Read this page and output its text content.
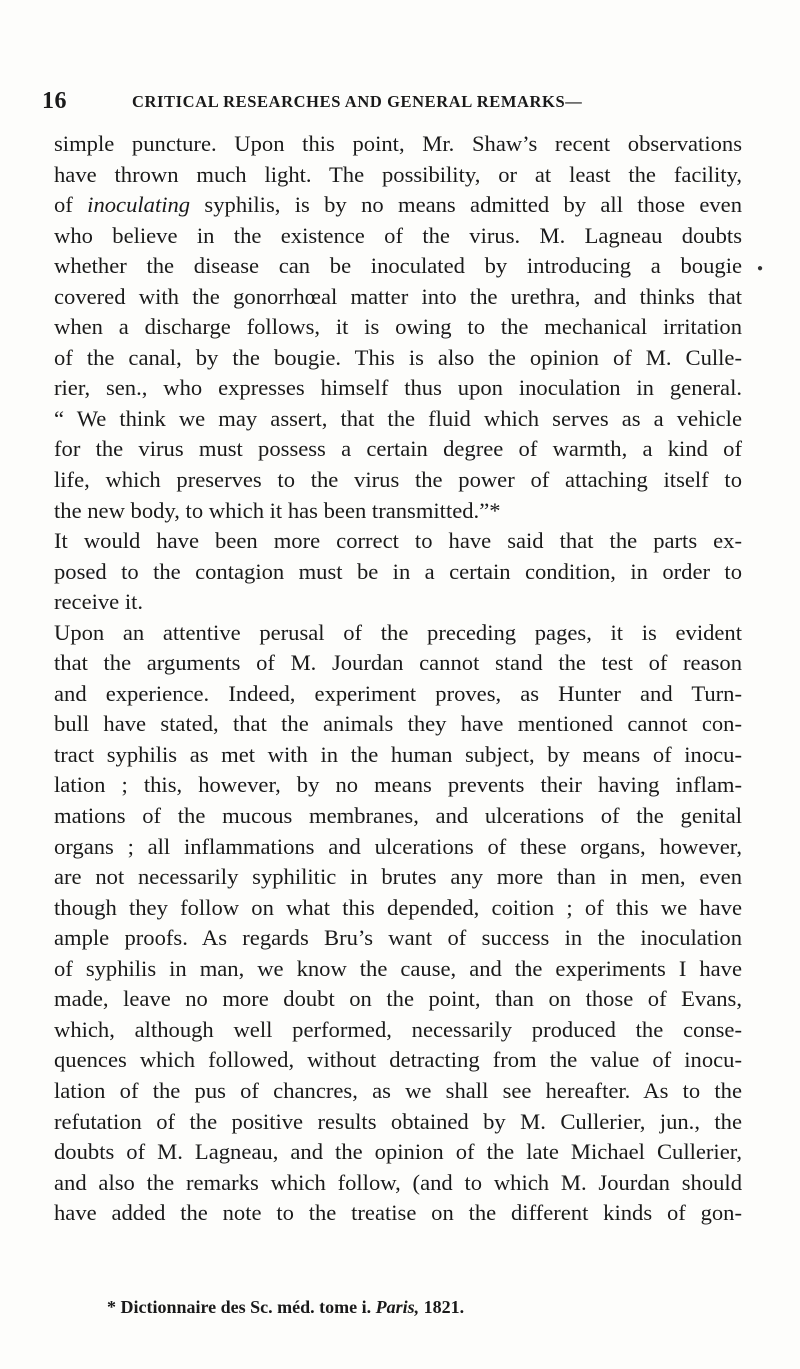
16	CRITICAL RESEARCHES AND GENERAL REMARKS—
simple puncture. Upon this point, Mr. Shaw’s recent observations
have thrown much light. The possibility, or at least the facility,
of inoculating syphilis, is by no means admitted by all those even
who believe in the existence of the virus. M. Lagneau doubts
whether the disease can be inoculated by introducing a bougie
covered with the gonorrhœal matter into the urethra, and thinks that
when a discharge follows, it is owing to the mechanical irritation
of the canal, by the bougie. This is also the opinion of M. Culle-
rier, sen., who expresses himself thus upon inoculation in general.
“ We think we may assert, that the fluid which serves as a vehicle
for the virus must possess a certain degree of warmth, a kind of
life, which preserves to the virus the power of attaching itself to
the new body, to which it has been transmitted.”*
It would have been more correct to have said that the parts ex-
posed to the contagion must be in a certain condition, in order to
receive it.
Upon an attentive perusal of the preceding pages, it is evident
that the arguments of M. Jourdan cannot stand the test of reason
and experience. Indeed, experiment proves, as Hunter and Turn-
bull have stated, that the animals they have mentioned cannot con-
tract syphilis as met with in the human subject, by means of inocu-
lation ; this, however, by no means prevents their having inflam-
mations of the mucous membranes, and ulcerations of the genital
organs ; all inflammations and ulcerations of these organs, however,
are not necessarily syphilitic in brutes any more than in men, even
though they follow on what this depended, coition ; of this we have
ample proofs. As regards Bru’s want of success in the inoculation
of syphilis in man, we know the cause, and the experiments I have
made, leave no more doubt on the point, than on those of Evans,
which, although well performed, necessarily produced the conse-
quences which followed, without detracting from the value of inocu-
lation of the pus of chancres, as we shall see hereafter. As to the
refutation of the positive results obtained by M. Cullerier, jun., the
doubts of M. Lagneau, and the opinion of the late Michael Cullerier,
and also the remarks which follow, (and to which M. Jourdan should
have added the note to the treatise on the different kinds of gon-
* Dictionnaire des Sc. méd. tome i. Paris, 1821.
●
